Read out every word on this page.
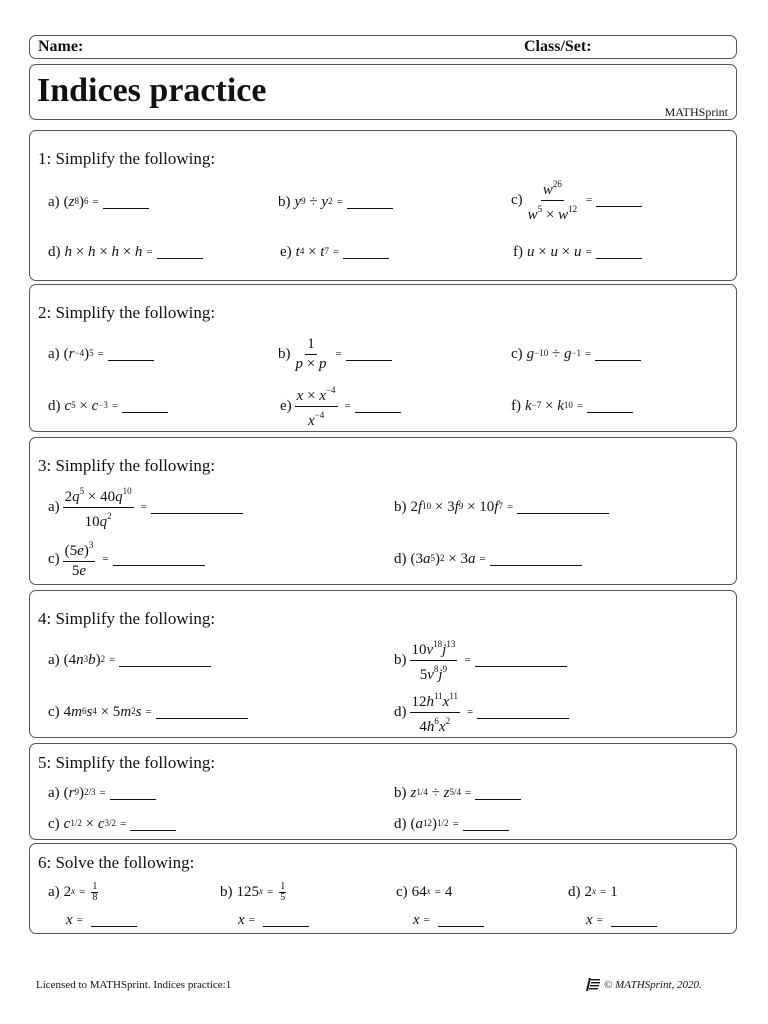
Name:	Class/Set:
Indices practice
MATHSprint
1: Simplify the following:
a) ( $z^8$ )$^6$ =	b) $y^9 \div y^2$ =	$c) \frac{w^{26}}{w^5 \times w^{12}}$ =
d) h × h × h × h =	e) $t^4 \times t^7$ =	f) u × u × u =
2: Simplify the following:
a) ( $r^{-4}$ )$^5$ =	$b) \frac{1}{p \times p}$ =	c) $g^{-10} \div g^{-1}$ =
d) $c^5 \times c^{-3}$ =	$e) \frac{x \times x^{-4}}{x^{-4}}$ =	f) $k^{-7} \times k^{10}$ =
3: Simplify the following:
$a) \frac{2q^5 \times 40q^{10}}{10q^2}$ =	b) 2 $f^{10} \times 3$ $f^9 \times 10$ $f^7$ =
$c) \frac{(5e)^3}{5e}$ =	d) (3 $a^5$ )$^2$ × 3 a =
4: Simplify the following:
a) (4 $n^3$ b )$^2$ =	$b) \frac{10v^{18}j^{13}}{5v^8j^9}$ =
c) 4 $m^6$ $s^4 \times 5$ $m^2$ s =	$d) \frac{12h^{11}x^{11}}{4h^6x^2}$ =
5: Simplify the following:
a) ( $r^9$ )$^{2/3}$ =	b) $z^{1/4} \div z^{5/4}$ =
c) $c^{1/2} \times c^{3/2}$ =	d) ( $a^{12}$ )$^{1/2}$ =
6: Solve the following:
a) 2 $^x = \frac{1}{8}$
x =

b) 125 $^x = \frac{1}{5}$
x =

c) 64 $^x$ = 4
x =

d) 2 $^x$ = 1
x =

Licensed to MATHSprint. Indices practice:1	© MATHSprint, 2020.
